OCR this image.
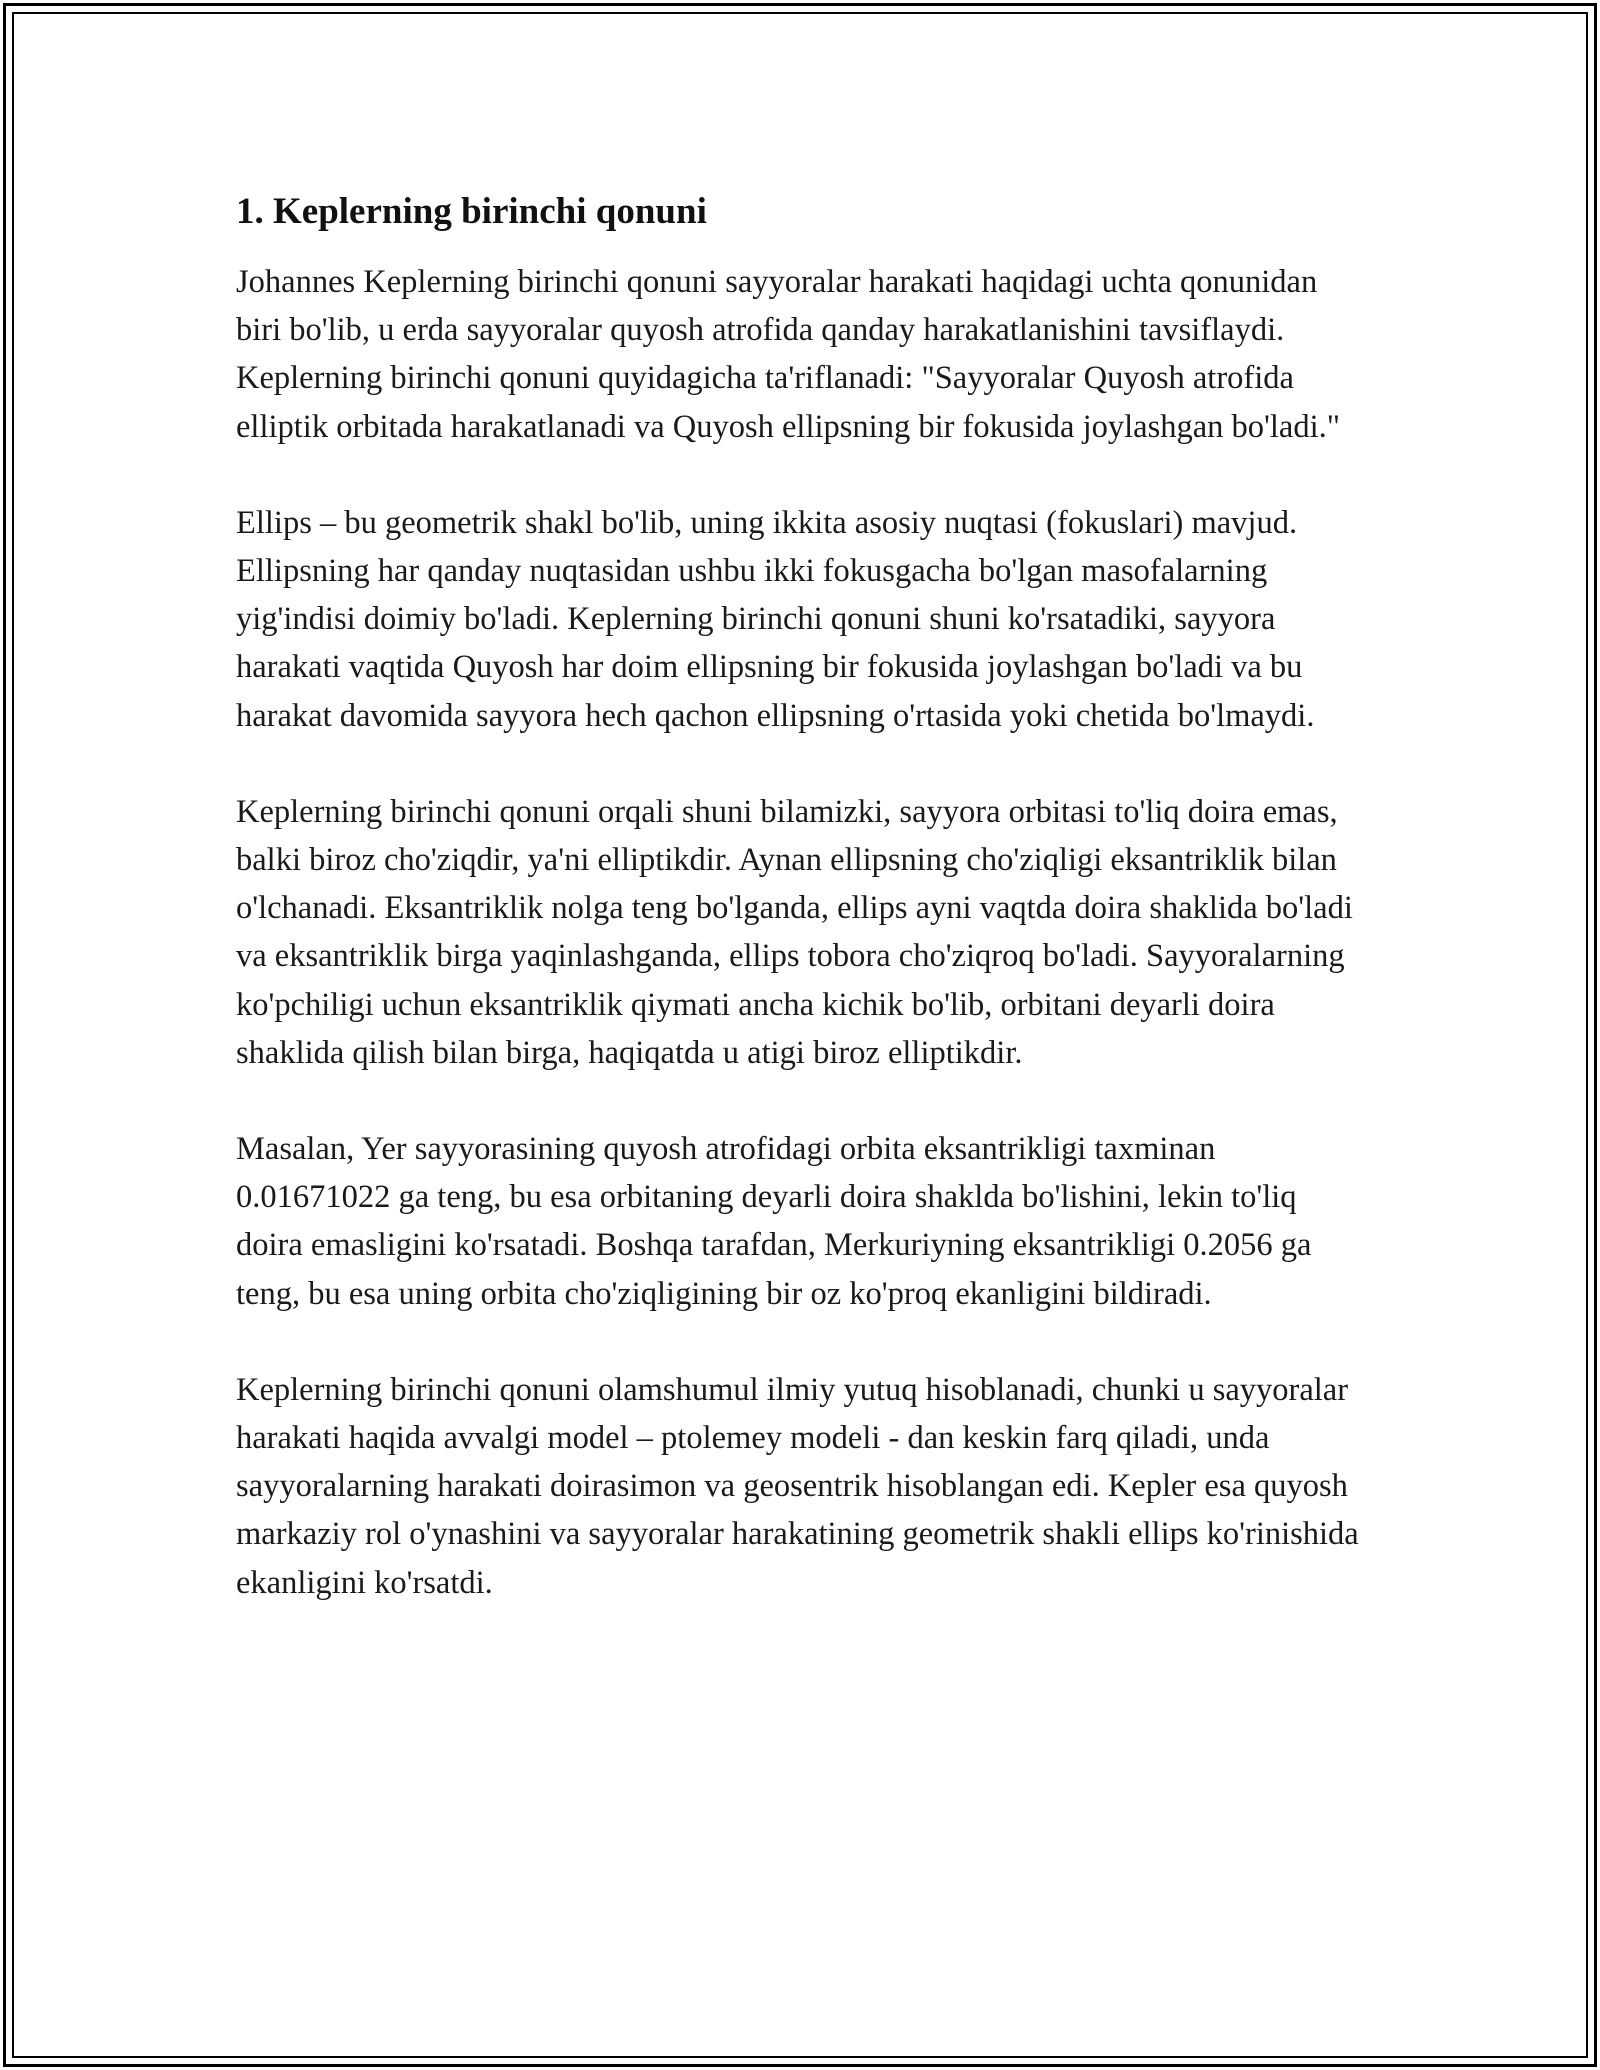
1. Keplerning birinchi qonuni

Johannes Keplerning birinchi qonuni sayyoralar harakati haqidagi uchta qonunidan biri bo'lib, u erda sayyoralar quyosh atrofida qanday harakatlanishini tavsiflaydi. Keplerning birinchi qonuni quyidagicha ta'riflanadi: "Sayyoralar Quyosh atrofida elliptik orbitada harakatlanadi va Quyosh ellipsning bir fokusida joylashgan bo'ladi."

Ellips – bu geometrik shakl bo'lib, uning ikkita asosiy nuqtasi (fokuslari) mavjud. Ellipsning har qanday nuqtasidan ushbu ikki fokusgacha bo'lgan masofalarning yig'indisi doimiy bo'ladi. Keplerning birinchi qonuni shuni ko'rsatadiki, sayyora harakati vaqtida Quyosh har doim ellipsning bir fokusida joylashgan bo'ladi va bu harakat davomida sayyora hech qachon ellipsning o'rtasida yoki chetida bo'lmaydi.

Keplerning birinchi qonuni orqali shuni bilamizki, sayyora orbitasi to'liq doira emas, balki biroz cho'ziqdir, ya'ni elliptikdir. Aynan ellipsning cho'ziqligi eksantriklik bilan o'lchanadi. Eksantriklik nolga teng bo'lganda, ellips ayni vaqtda doira shaklida bo'ladi va eksantriklik birga yaqinlashganda, ellips tobora cho'ziqroq bo'ladi. Sayyoralarning ko'pchiligi uchun eksantriklik qiymati ancha kichik bo'lib, orbitani deyarli doira shaklida qilish bilan birga, haqiqatda u atigi biroz elliptikdir.

Masalan, Yer sayyorasining quyosh atrofidagi orbita eksantrikligi taxminan 0.01671022 ga teng, bu esa orbitaning deyarli doira shaklda bo'lishini, lekin to'liq doira emasligini ko'rsatadi. Boshqa tarafdan, Merkuriyning eksantrikligi 0.2056 ga teng, bu esa uning orbita cho'ziqligining bir oz ko'proq ekanligini bildiradi.

Keplerning birinchi qonuni olamshumul ilmiy yutuq hisoblanadi, chunki u sayyoralar harakati haqida avvalgi model – ptolemey modeli - dan keskin farq qiladi, unda sayyoralarning harakati doirasimon va geosentrik hisoblangan edi. Kepler esa quyosh markaziy rol o'ynashini va sayyoralar harakatining geometrik shakli ellips ko'rinishida ekanligini ko'rsatdi.
